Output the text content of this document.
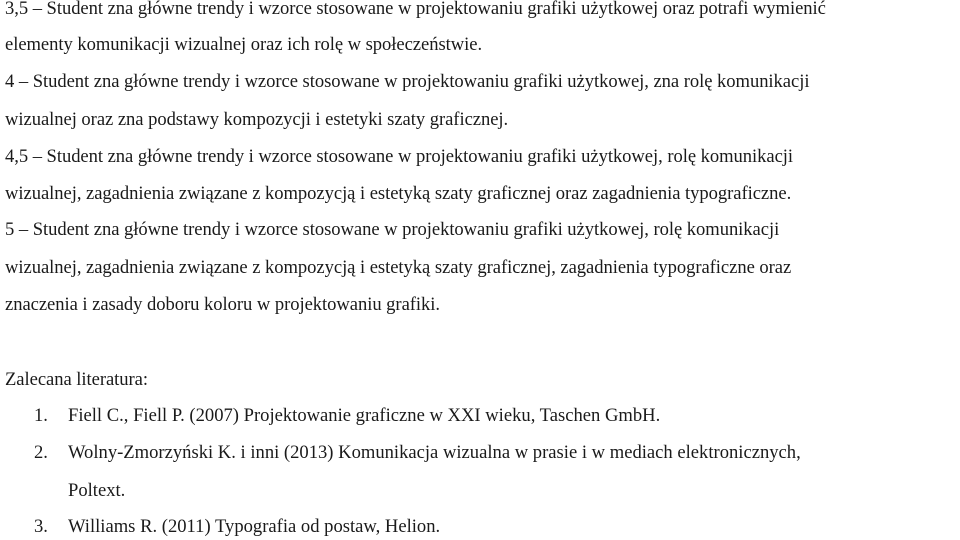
3,5 – Student zna główne trendy i wzorce stosowane w projektowaniu grafiki użytkowej oraz potrafi wymienić
elementy komunikacji wizualnej oraz ich rolę w społeczeństwie.
4 – Student zna główne trendy i wzorce stosowane w projektowaniu grafiki użytkowej, zna rolę komunikacji
wizualnej oraz zna podstawy kompozycji i estetyki szaty graficznej.
4,5 – Student zna główne trendy i wzorce stosowane w projektowaniu grafiki użytkowej, rolę komunikacji
wizualnej, zagadnienia związane z kompozycją i estetyką szaty graficznej oraz zagadnienia typograficzne.
5 – Student zna główne trendy i wzorce stosowane w projektowaniu grafiki użytkowej, rolę komunikacji
wizualnej, zagadnienia związane z kompozycją i estetyką szaty graficznej, zagadnienia typograficzne oraz
znaczenia i zasady doboru koloru w projektowaniu grafiki.
Zalecana literatura:
1. Fiell C., Fiell P. (2007) Projektowanie graficzne w XXI wieku, Taschen GmbH.
2. Wolny-Zmorzyński K. i inni (2013) Komunikacja wizualna w prasie i w mediach elektronicznych,
Poltext.
3. Williams R. (2011) Typografia od postaw, Helion.
